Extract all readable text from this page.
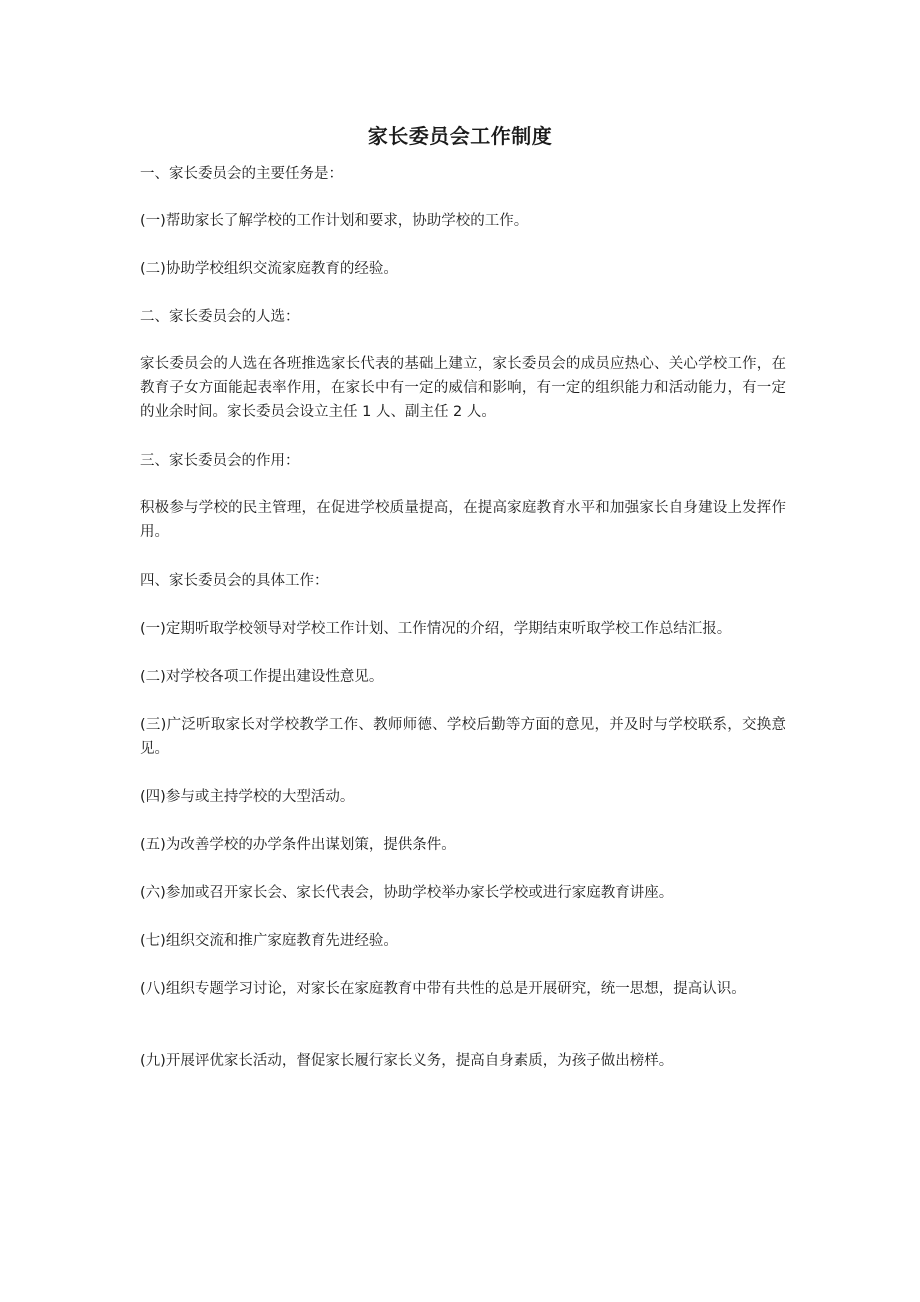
家长委员会工作制度

一、家长委员会的主要任务是：

(一)帮助家长了解学校的工作计划和要求，协助学校的工作。

(二)协助学校组织交流家庭教育的经验。

二、家长委员会的人选：

家长委员会的人选在各班推选家长代表的基础上建立，家长委员会的成员应热心、关心学校工作，在教育子女方面能起表率作用，在家长中有一定的威信和影响，有一定的组织能力和活动能力，有一定的业余时间。家长委员会设立主任 1 人、副主任 2 人。

三、家长委员会的作用：

积极参与学校的民主管理，在促进学校质量提高，在提高家庭教育水平和加强家长自身建设上发挥作用。

四、家长委员会的具体工作：

(一)定期听取学校领导对学校工作计划、工作情况的介绍，学期结束听取学校工作总结汇报。

(二)对学校各项工作提出建设性意见。

(三)广泛听取家长对学校教学工作、教师师德、学校后勤等方面的意见，并及时与学校联系，交换意见。

(四)参与或主持学校的大型活动。

(五)为改善学校的办学条件出谋划策，提供条件。

(六)参加或召开家长会、家长代表会，协助学校举办家长学校或进行家庭教育讲座。

(七)组织交流和推广家庭教育先进经验。

(八)组织专题学习讨论，对家长在家庭教育中带有共性的总是开展研究，统一思想，提高认识。

(九)开展评优家长活动，督促家长履行家长义务，提高自身素质，为孩子做出榜样。
